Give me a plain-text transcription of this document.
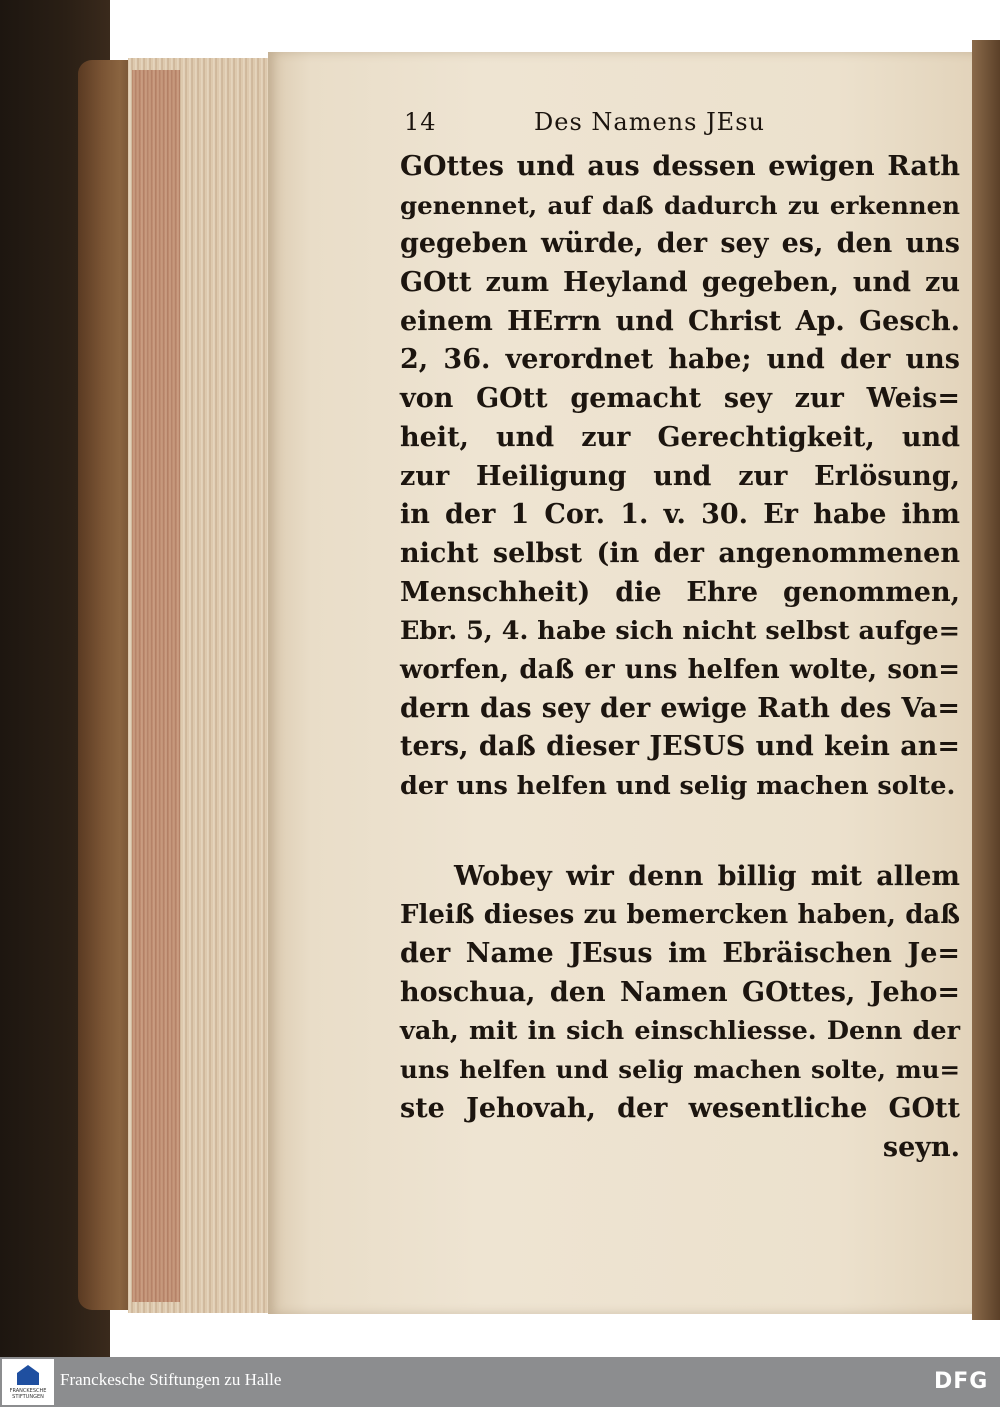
14	Des Namens JEsu
GOttes und aus dessen ewigen Rath
genennet, auf daß dadurch zu erkennen
gegeben würde, der sey es, den uns
GOtt zum Heyland gegeben, und zu
einem HErrn und Christ Ap. Gesch.
2, 36. verordnet habe; und der uns
von GOtt gemacht sey zur Weis=
heit, und zur Gerechtigkeit, und
zur Heiligung und zur Erlösung,
in der 1 Cor. 1. v. 30. Er habe ihm
nicht selbst (in der angenommenen
Menschheit) die Ehre genommen,
Ebr. 5, 4. habe sich nicht selbst aufge=
worfen, daß er uns helfen wolte, son=
dern das sey der ewige Rath des Va=
ters, daß dieser JESUS und kein an=
der uns helfen und selig machen solte.
Wobey wir denn billig mit allem
Fleiß dieses zu bemercken haben, daß
der Name JEsus im Ebräischen Je=
hoschua, den Namen GOttes, Jeho=
vah, mit in sich einschliesse. Denn der
uns helfen und selig machen solte, mu=
ste Jehovah, der wesentliche GOtt
seyn.
FRANCKESCHE STIFTUNGEN
Franckesche Stiftungen zu Halle	DFG
